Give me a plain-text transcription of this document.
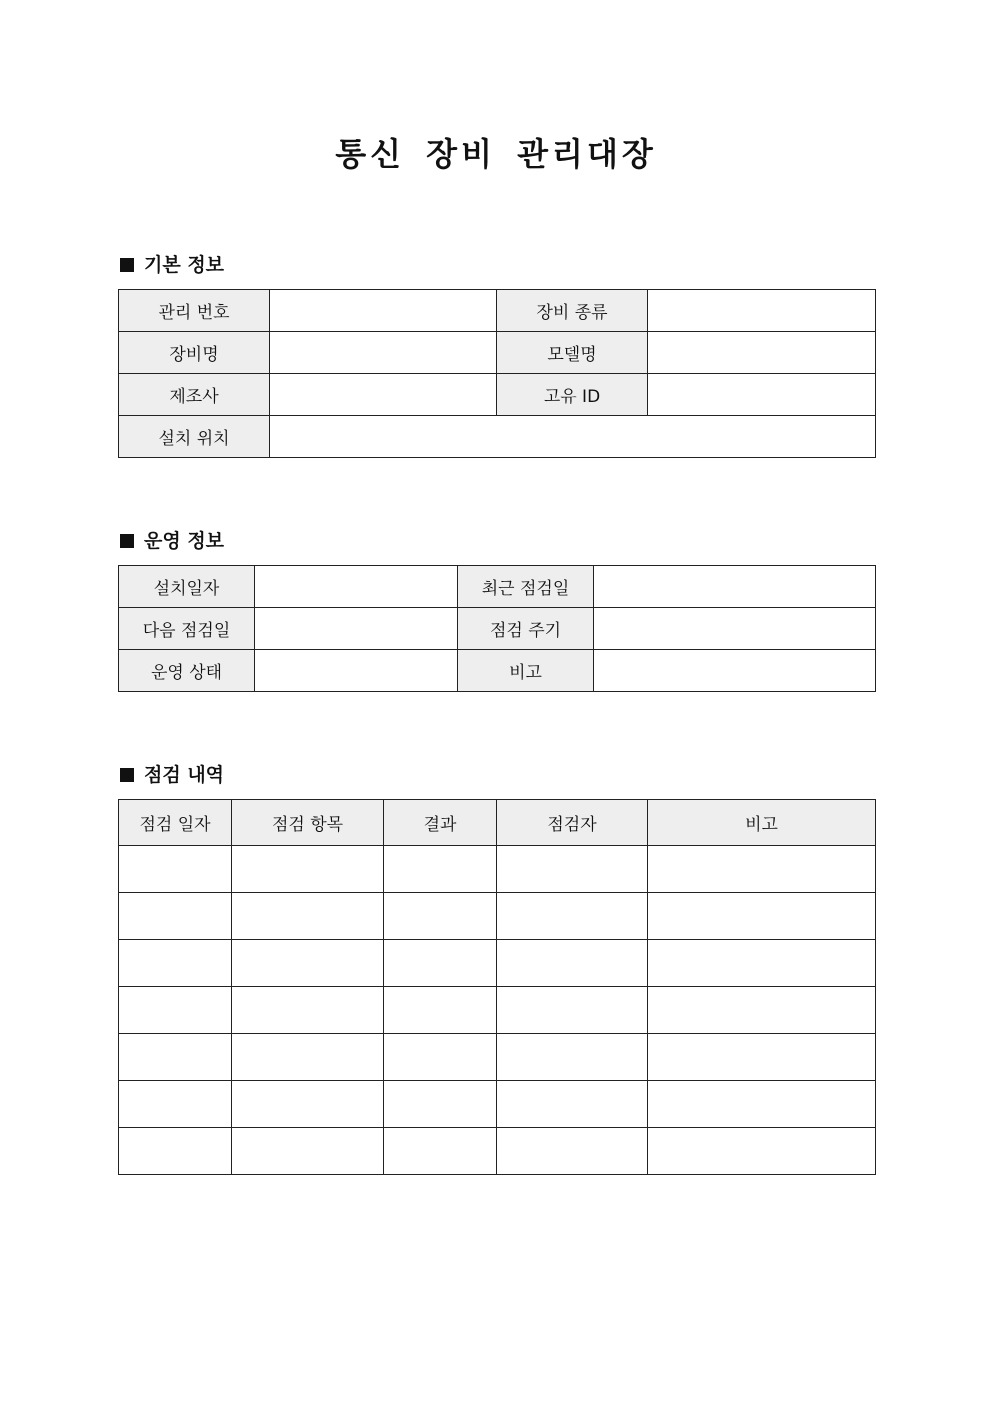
통신 장비 관리대장
기본 정보
관리 번호		장비 종류	
장비명		모델명	
제조사		고유 ID	
설치 위치			
운영 정보
설치일자		최근 점검일	
다음 점검일		점검 주기	
운영 상태		비고	
점검 내역
점검 일자	점검 항목	결과	점검자	비고
